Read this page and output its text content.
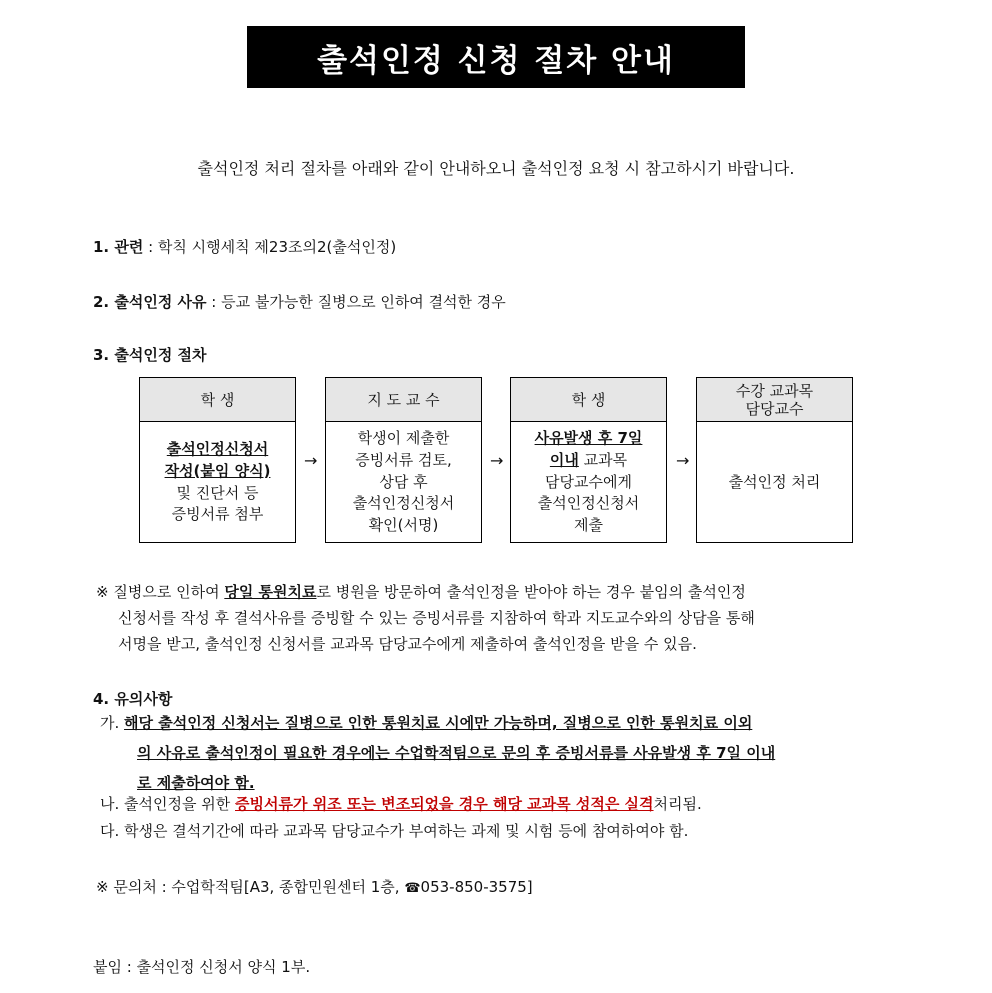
출석인정 신청 절차 안내
출석인정 처리 절차를 아래와 같이 안내하오니 출석인정 요청 시 참고하시기 바랍니다.
1. 관련 : 학칙 시행세칙 제23조의2(출석인정)
2. 출석인정 사유 : 등교 불가능한 질병으로 인하여 결석한 경우
3. 출석인정 절차
학 생
출석인정신청서
작성(붙임 양식)
및 진단서 등
증빙서류 첨부
→
지 도 교 수
학생이 제출한
증빙서류 검토,
상담 후
출석인정신청서
확인(서명)
→
학 생
사유발생 후 7일
이내 교과목
담당교수에게
출석인정신청서
제출
→
수강 교과목
담당교수
출석인정 처리
※ 질병으로 인하여 당일 통원치료로 병원을 방문하여 출석인정을 받아야 하는 경우 붙임의 출석인정
신청서를 작성 후 결석사유를 증빙할 수 있는 증빙서류를 지참하여 학과 지도교수와의 상담을 통해
서명을 받고, 출석인정 신청서를 교과목 담당교수에게 제출하여 출석인정을 받을 수 있음.
4. 유의사항
가. 해당 출석인정 신청서는 질병으로 인한 통원치료 시에만 가능하며, 질병으로 인한 통원치료 이외
의 사유로 출석인정이 필요한 경우에는 수업학적팀으로 문의 후 증빙서류를 사유발생 후 7일 이내
로 제출하여야 함.
나. 출석인정을 위한 증빙서류가 위조 또는 변조되었을 경우 해당 교과목 성적은 실격처리됨.
다. 학생은 결석기간에 따라 교과목 담당교수가 부여하는 과제 및 시험 등에 참여하여야 함.
※ 문의처 : 수업학적팀[A3, 종합민원센터 1층, ☎053-850-3575]
붙임 : 출석인정 신청서 양식 1부.
